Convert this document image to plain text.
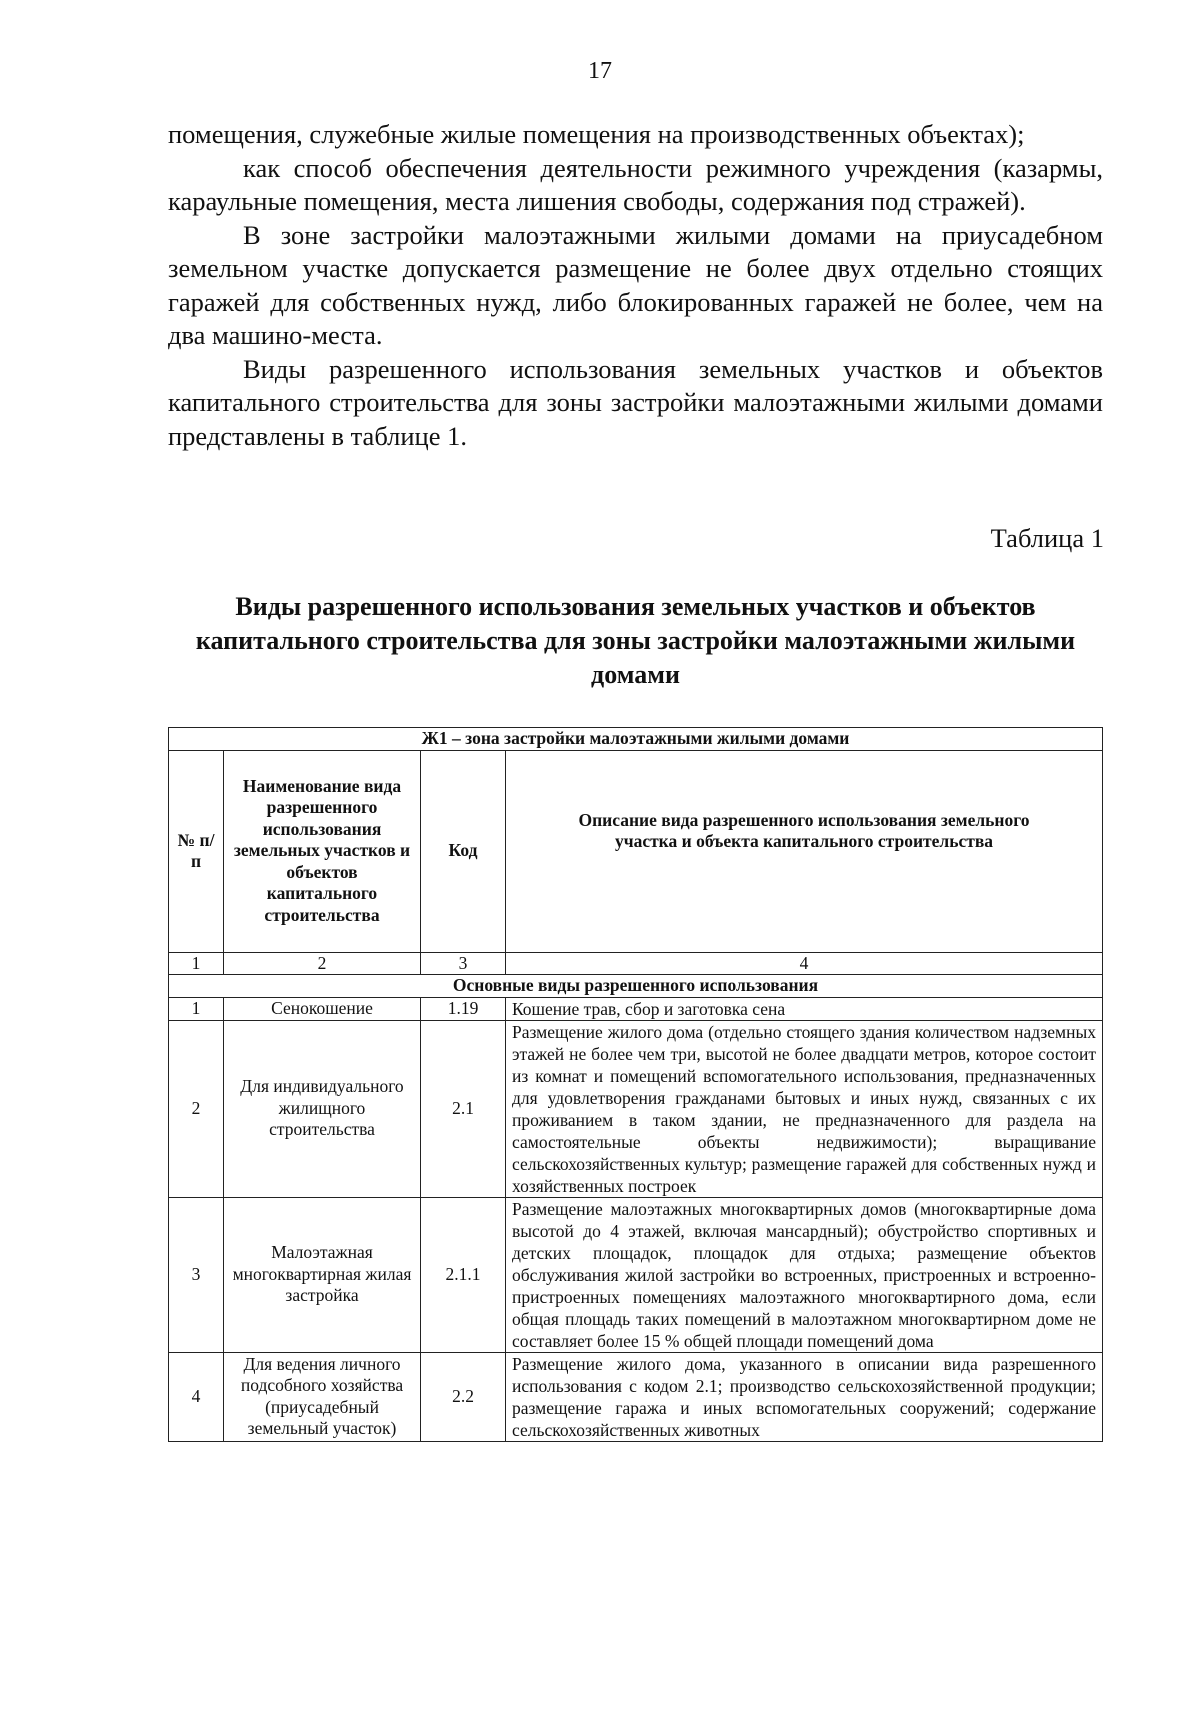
17

помещения, служебные жилые помещения на производственных объектах);

как способ обеспечения деятельности режимного учреждения (казармы, караульные помещения, места лишения свободы, содержания под стражей).

В зоне застройки малоэтажными жилыми домами на приусадебном земельном участке допускается размещение не более двух отдельно стоящих гаражей для собственных нужд, либо блокированных гаражей не более, чем на два машино-места.

Виды разрешенного использования земельных участков и объектов капитального строительства для зоны застройки малоэтажными жилыми домами представлены в таблице 1.

Таблица 1
Виды разрешенного использования земельных участков и объектов капитального строительства для зоны застройки малоэтажными жилыми домами
Ж1 – зона застройки малоэтажными жилыми домами			
№ п/п	Наименование вида разрешенного использования земельных участков и объектов капитального строительства	Код	Описание вида разрешенного использования земельного участка и объекта капитального строительства
1	2	3	4
Основные виды разрешенного использования			
1	Сенокошение	1.19	Кошение трав, сбор и заготовка сена
2	Для индивидуального жилищного строительства	2.1	Размещение жилого дома (отдельно стоящего здания количеством надземных этажей не более чем три, высотой не более двадцати метров, которое состоит из комнат и помещений вспомогательного использования, предназначенных для удовлетворения гражданами бытовых и иных нужд, связанных с их проживанием в таком здании, не предназначенного для раздела на самостоятельные объекты недвижимости); выращивание сельскохозяйственных культур; размещение гаражей для собственных нужд и хозяйственных построек
3	Малоэтажная многоквартирная жилая застройка	2.1.1	Размещение малоэтажных многоквартирных домов (многоквартирные дома высотой до 4 этажей, включая мансардный); обустройство спортивных и детских площадок, площадок для отдыха; размещение объектов обслуживания жилой застройки во встроенных, пристроенных и встроенно-пристроенных помещениях малоэтажного многоквартирного дома, если общая площадь таких помещений в малоэтажном многоквартирном доме не составляет более 15 % общей площади помещений дома
4	Для ведения личного подсобного хозяйства (приусадебный земельный участок)	2.2	Размещение жилого дома, указанного в описании вида разрешенного использования с кодом 2.1; производство сельскохозяйственной продукции; размещение гаража и иных вспомогательных сооружений; содержание сельскохозяйственных животных
